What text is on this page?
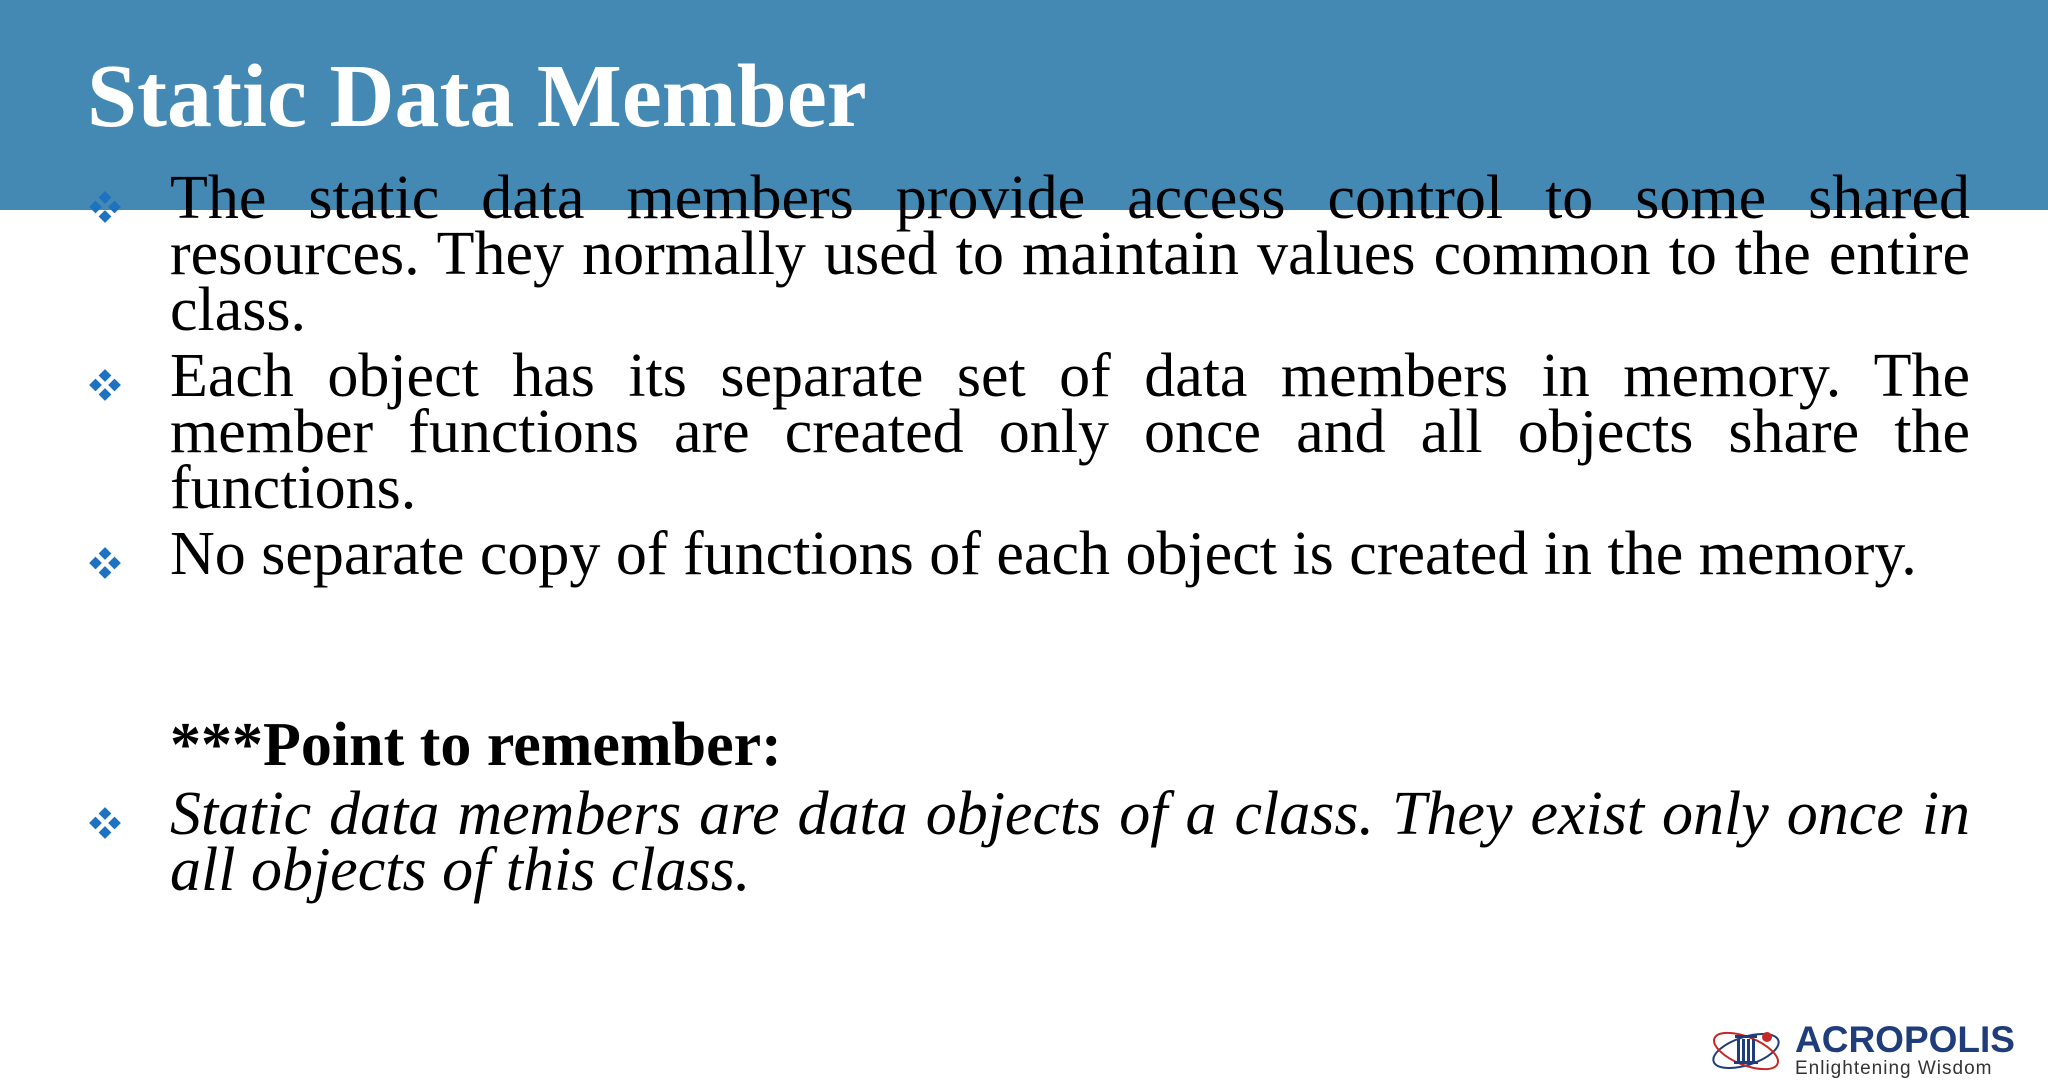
Static Data Member

The static data members provide access control to some shared resources. They normally used to maintain values common to the entire class.

Each object has its separate set of data members in memory. The member functions are created only once and all objects share the functions.

No separate copy of functions of each object is created in the memory.

***Point to remember:

Static data members are data objects of a class. They exist only once in all objects of this class.

ACROPOLIS
Enlightening Wisdom
